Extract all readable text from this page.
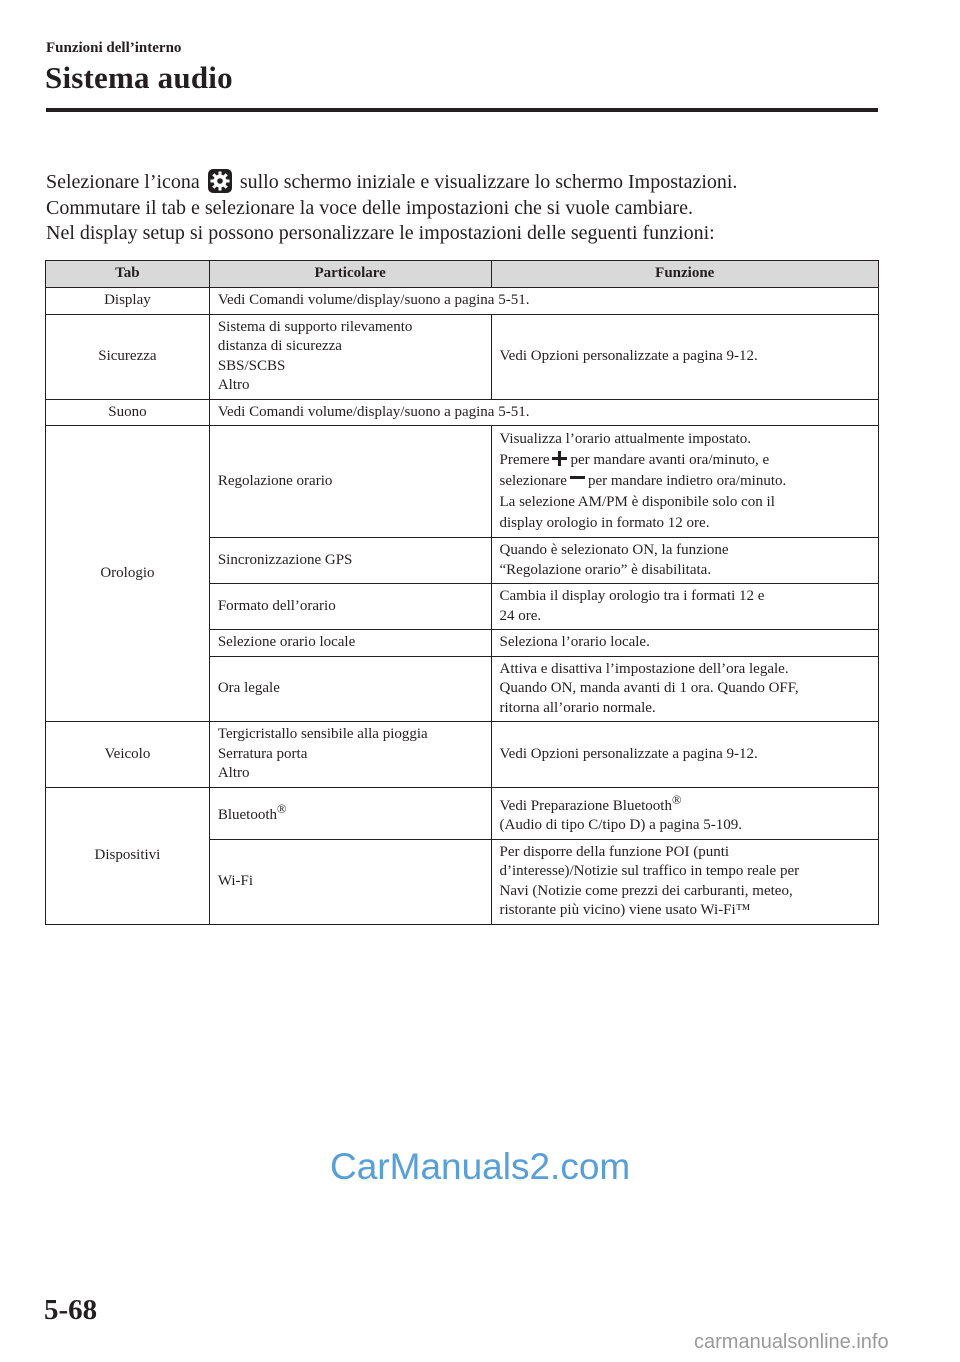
Funzioni dell’interno
Sistema audio

Selezionare l’icona sullo schermo iniziale e visualizzare lo schermo Impostazioni.

Commutare il tab e selezionare la voce delle impostazioni che si vuole cambiare.

Nel display setup si possono personalizzare le impostazioni delle seguenti funzioni:

Tab	Particolare	Funzione
Display	Vedi Comandi volume/display/suono a pagina 5-51.	
Sicurezza	Sistema di supporto rilevamento
distanza di sicurezza
SBS/SCBS
Altro	Vedi Opzioni personalizzate a pagina 9-12.
Suono	Vedi Comandi volume/display/suono a pagina 5-51.	
Orologio	Regolazione orario	Visualizza l’orario attualmente impostato.
Premere per mandare avanti ora/minuto, e
selezionare per mandare indietro ora/minuto.
La selezione AM/PM è disponibile solo con il
display orologio in formato 12 ore.

	Sincronizzazione GPS	Quando è selezionato ON, la funzione
“Regolazione orario” è disabilitata.

	Formato dell’orario	Cambia il display orologio tra i formati 12 e
24 ore.

	Selezione orario locale	Seleziona l’orario locale.
	Ora legale	Attiva e disattiva l’impostazione dell’ora legale.
Quando ON, manda avanti di 1 ora. Quando OFF,
ritorna all’orario normale.

Veicolo	Tergicristallo sensibile alla pioggia
Serratura porta
Altro	Vedi Opzioni personalizzate a pagina 9-12.
Dispositivi	Bluetooth®	Vedi Preparazione Bluetooth®
(Audio di tipo C/tipo D) a pagina 5-109.

	Wi-Fi	Per disporre della funzione POI (punti
d’interesse)/Notizie sul traffico in tempo reale per
Navi (Notizie come prezzi dei carburanti, meteo,
ristorante più vicino) viene usato Wi-Fi™
CarManuals2.com
5-68
carmanualsonline.info
